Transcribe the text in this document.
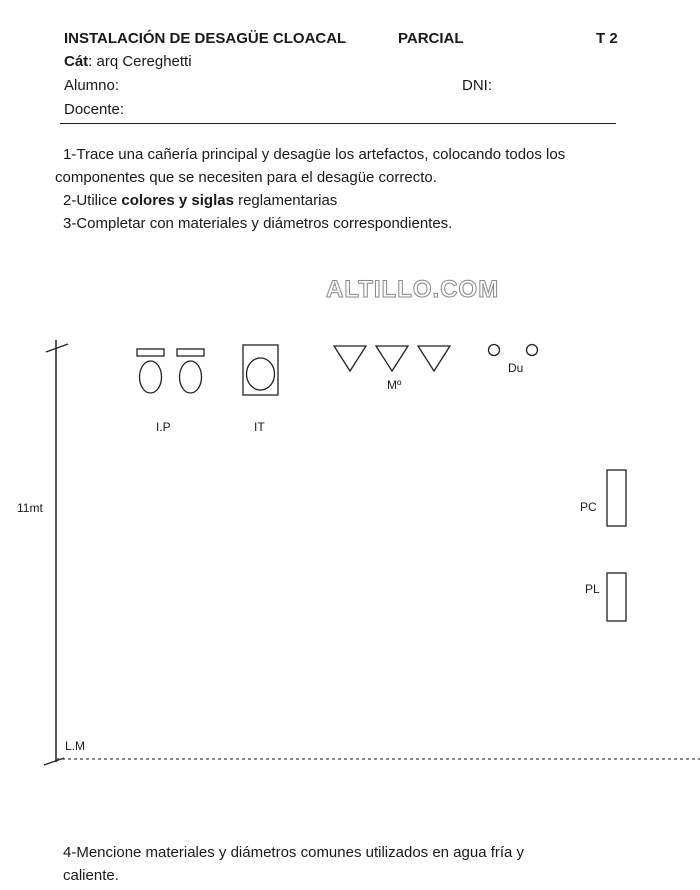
INSTALACIÓN DE DESAGÜE CLOACAL	PARCIAL	T 2
Cát: arq Cereghetti
Alumno:	DNI:
Docente:

1-Trace una cañería principal y desagüe los artefactos, colocando todos los

componentes que se necesiten para el desagüe correcto.

2-Utilice colores y siglas reglamentarias

3-Completar con materiales y diámetros correspondientes.

ALTILLO.COM
I.P	IT
Mº
Du
11mt	PC
PL
L.M

4-Mencione materiales y diámetros comunes utilizados en agua fría y

caliente.
